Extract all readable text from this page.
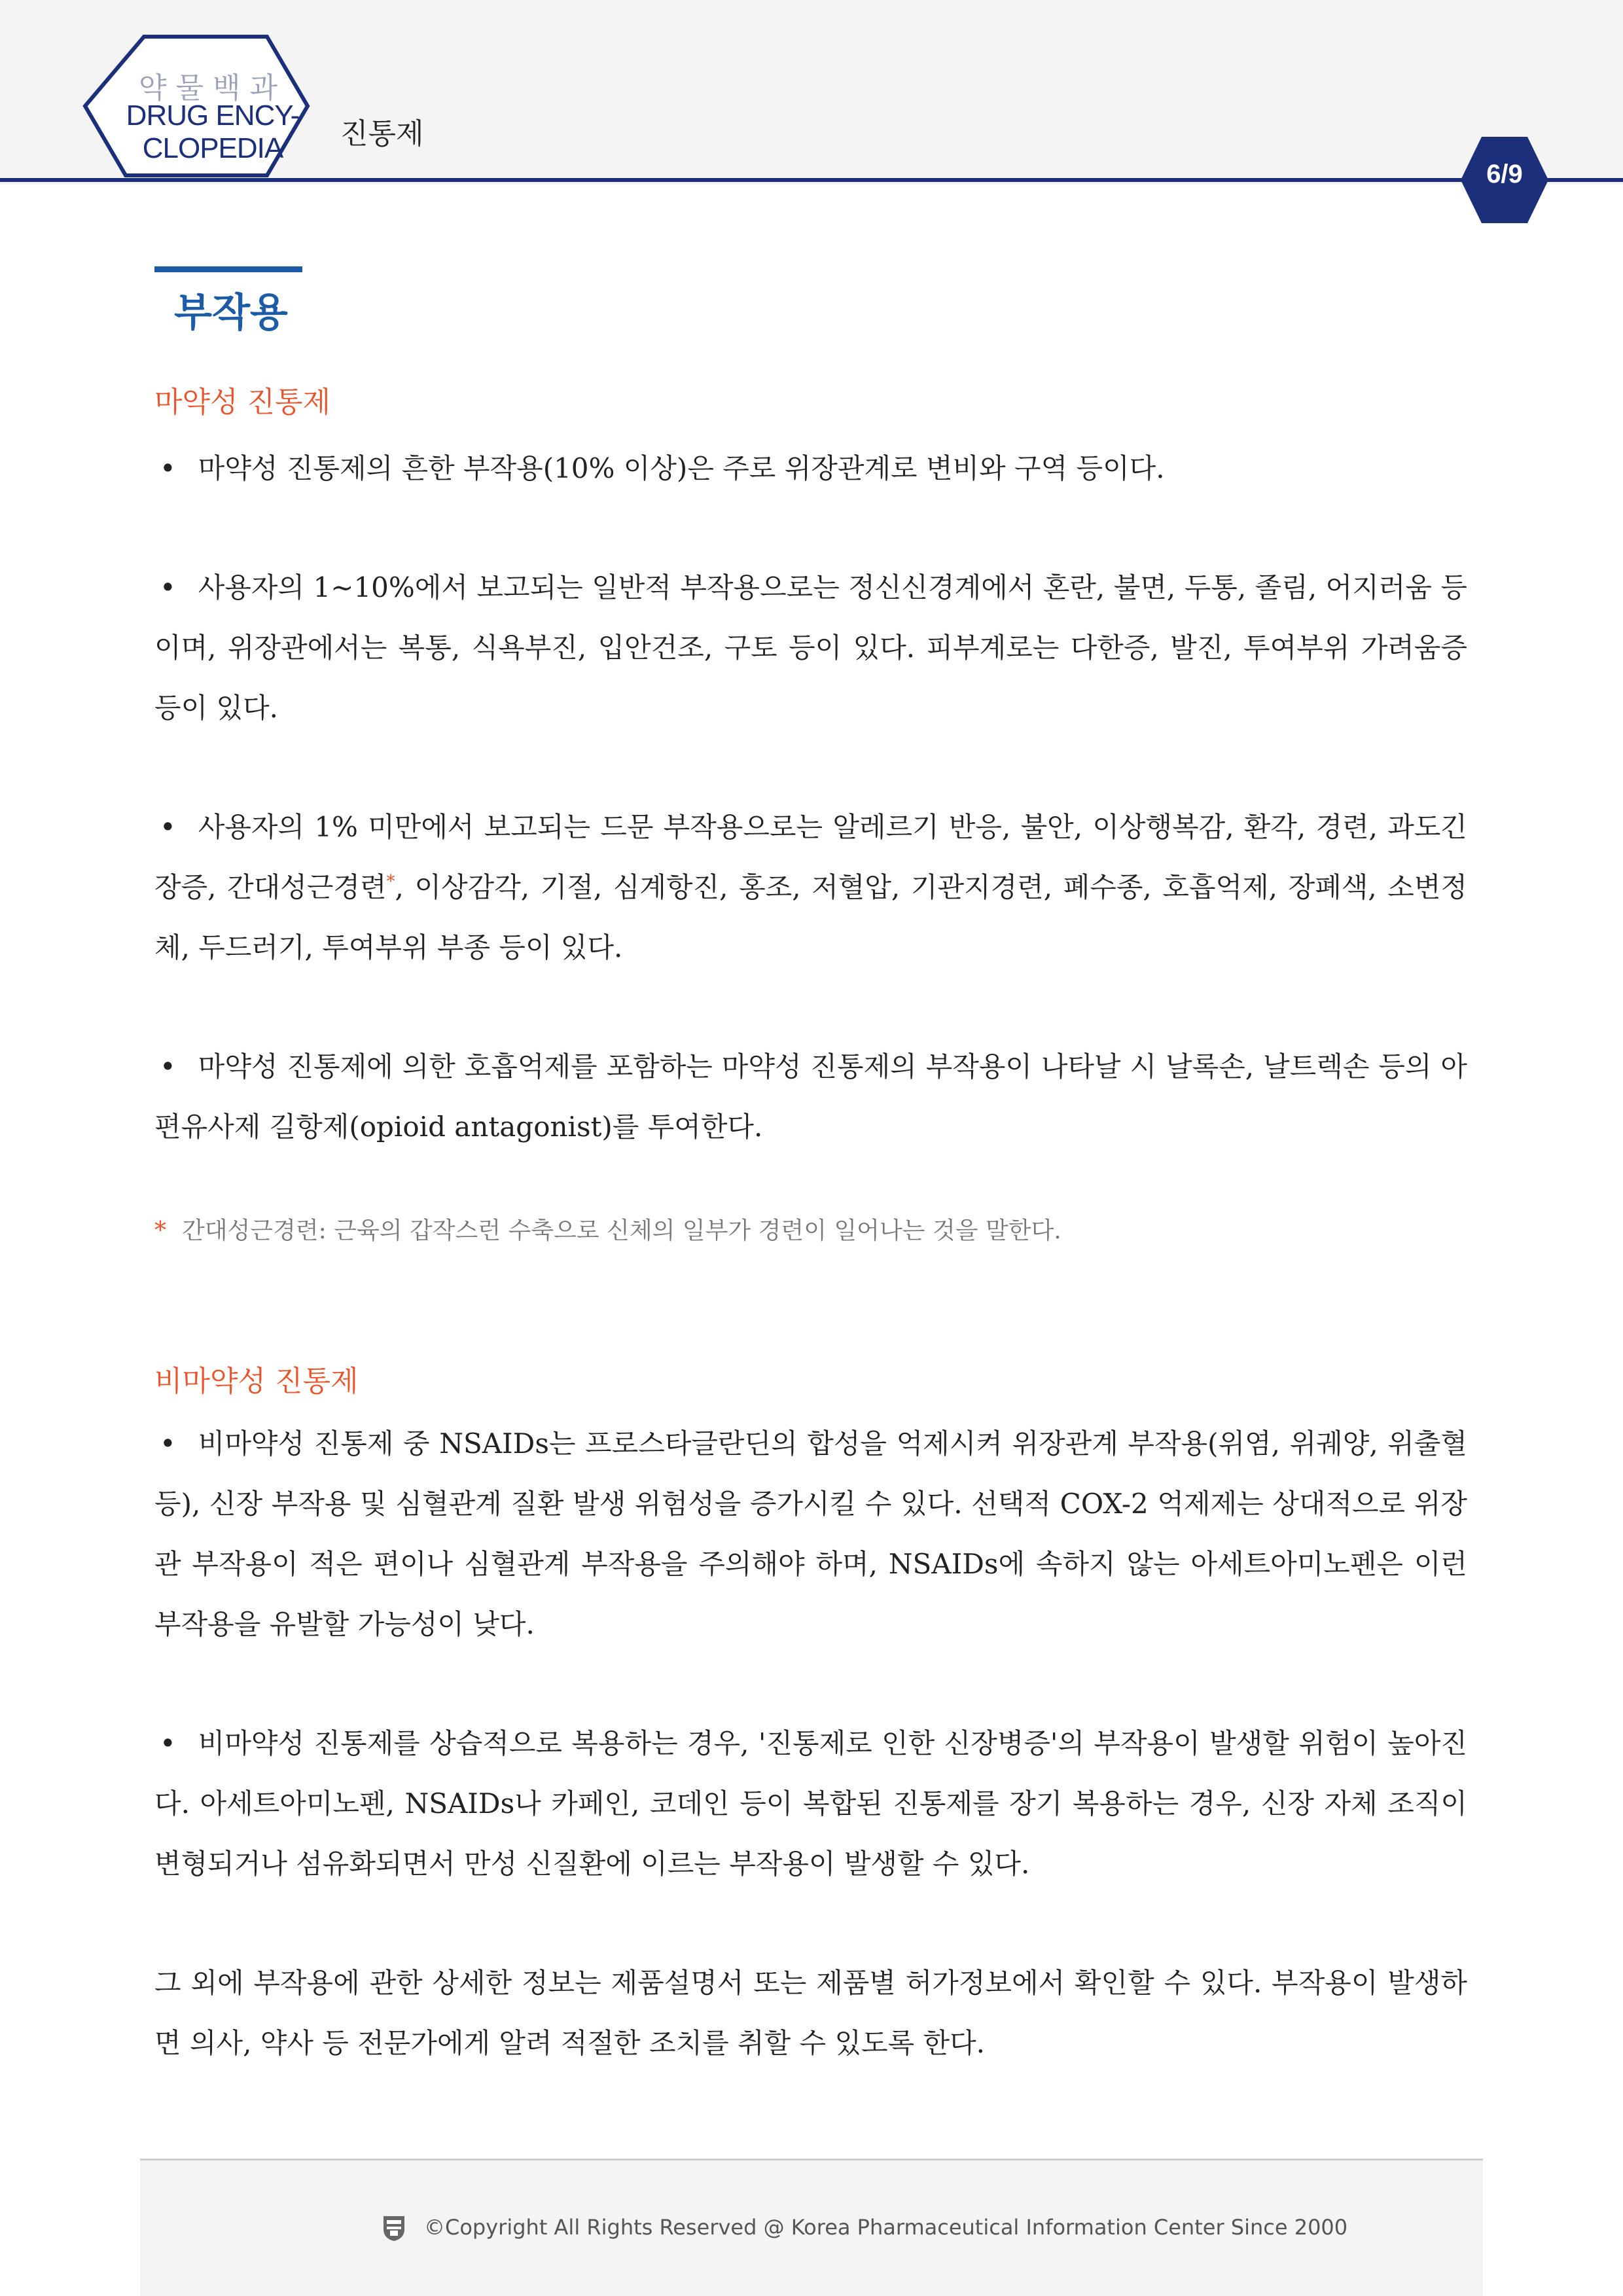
약물백과
DRUG ENCY-
CLOPEDIA	진통제
6/9
부작용
마약성 진통제

• 마약성 진통제의 흔한 부작용(10% 이상)은 주로 위장관계로 변비와 구역 등이다.

• 사용자의 1~10%에서 보고되는 일반적 부작용으로는 정신신경계에서 혼란, 불면, 두통, 졸림, 어지러움 등이며, 위장관에서는 복통, 식욕부진, 입안건조, 구토 등이 있다. 피부계로는 다한증, 발진, 투여부위 가려움증 등이 있다.

• 사용자의 1% 미만에서 보고되는 드문 부작용으로는 알레르기 반응, 불안, 이상행복감, 환각, 경련, 과도긴장증, 간대성근경련*, 이상감각, 기절, 심계항진, 홍조, 저혈압, 기관지경련, 폐수종, 호흡억제, 장폐색, 소변정체, 두드러기, 투여부위 부종 등이 있다.

• 마약성 진통제에 의한 호흡억제를 포함하는 마약성 진통제의 부작용이 나타날 시 날록손, 날트렉손 등의 아편유사제 길항제(opioid antagonist)를 투여한다.

* 간대성근경련: 근육의 갑작스런 수축으로 신체의 일부가 경련이 일어나는 것을 말한다.
비마약성 진통제

• 비마약성 진통제 중 NSAIDs는 프로스타글란딘의 합성을 억제시켜 위장관계 부작용(위염, 위궤양, 위출혈 등), 신장 부작용 및 심혈관계 질환 발생 위험성을 증가시킬 수 있다. 선택적 COX-2 억제제는 상대적으로 위장관 부작용이 적은 편이나 심혈관계 부작용을 주의해야 하며, NSAIDs에 속하지 않는 아세트아미노펜은 이런 부작용을 유발할 가능성이 낮다.

• 비마약성 진통제를 상습적으로 복용하는 경우, '진통제로 인한 신장병증'의 부작용이 발생할 위험이 높아진다. 아세트아미노펜, NSAIDs나 카페인, 코데인 등이 복합된 진통제를 장기 복용하는 경우, 신장 자체 조직이 변형되거나 섬유화되면서 만성 신질환에 이르는 부작용이 발생할 수 있다.

그 외에 부작용에 관한 상세한 정보는 제품설명서 또는 제품별 허가정보에서 확인할 수 있다. 부작용이 발생하면 의사, 약사 등 전문가에게 알려 적절한 조치를 취할 수 있도록 한다.

©Copyright All Rights Reserved @ Korea Pharmaceutical Information Center Since 2000
